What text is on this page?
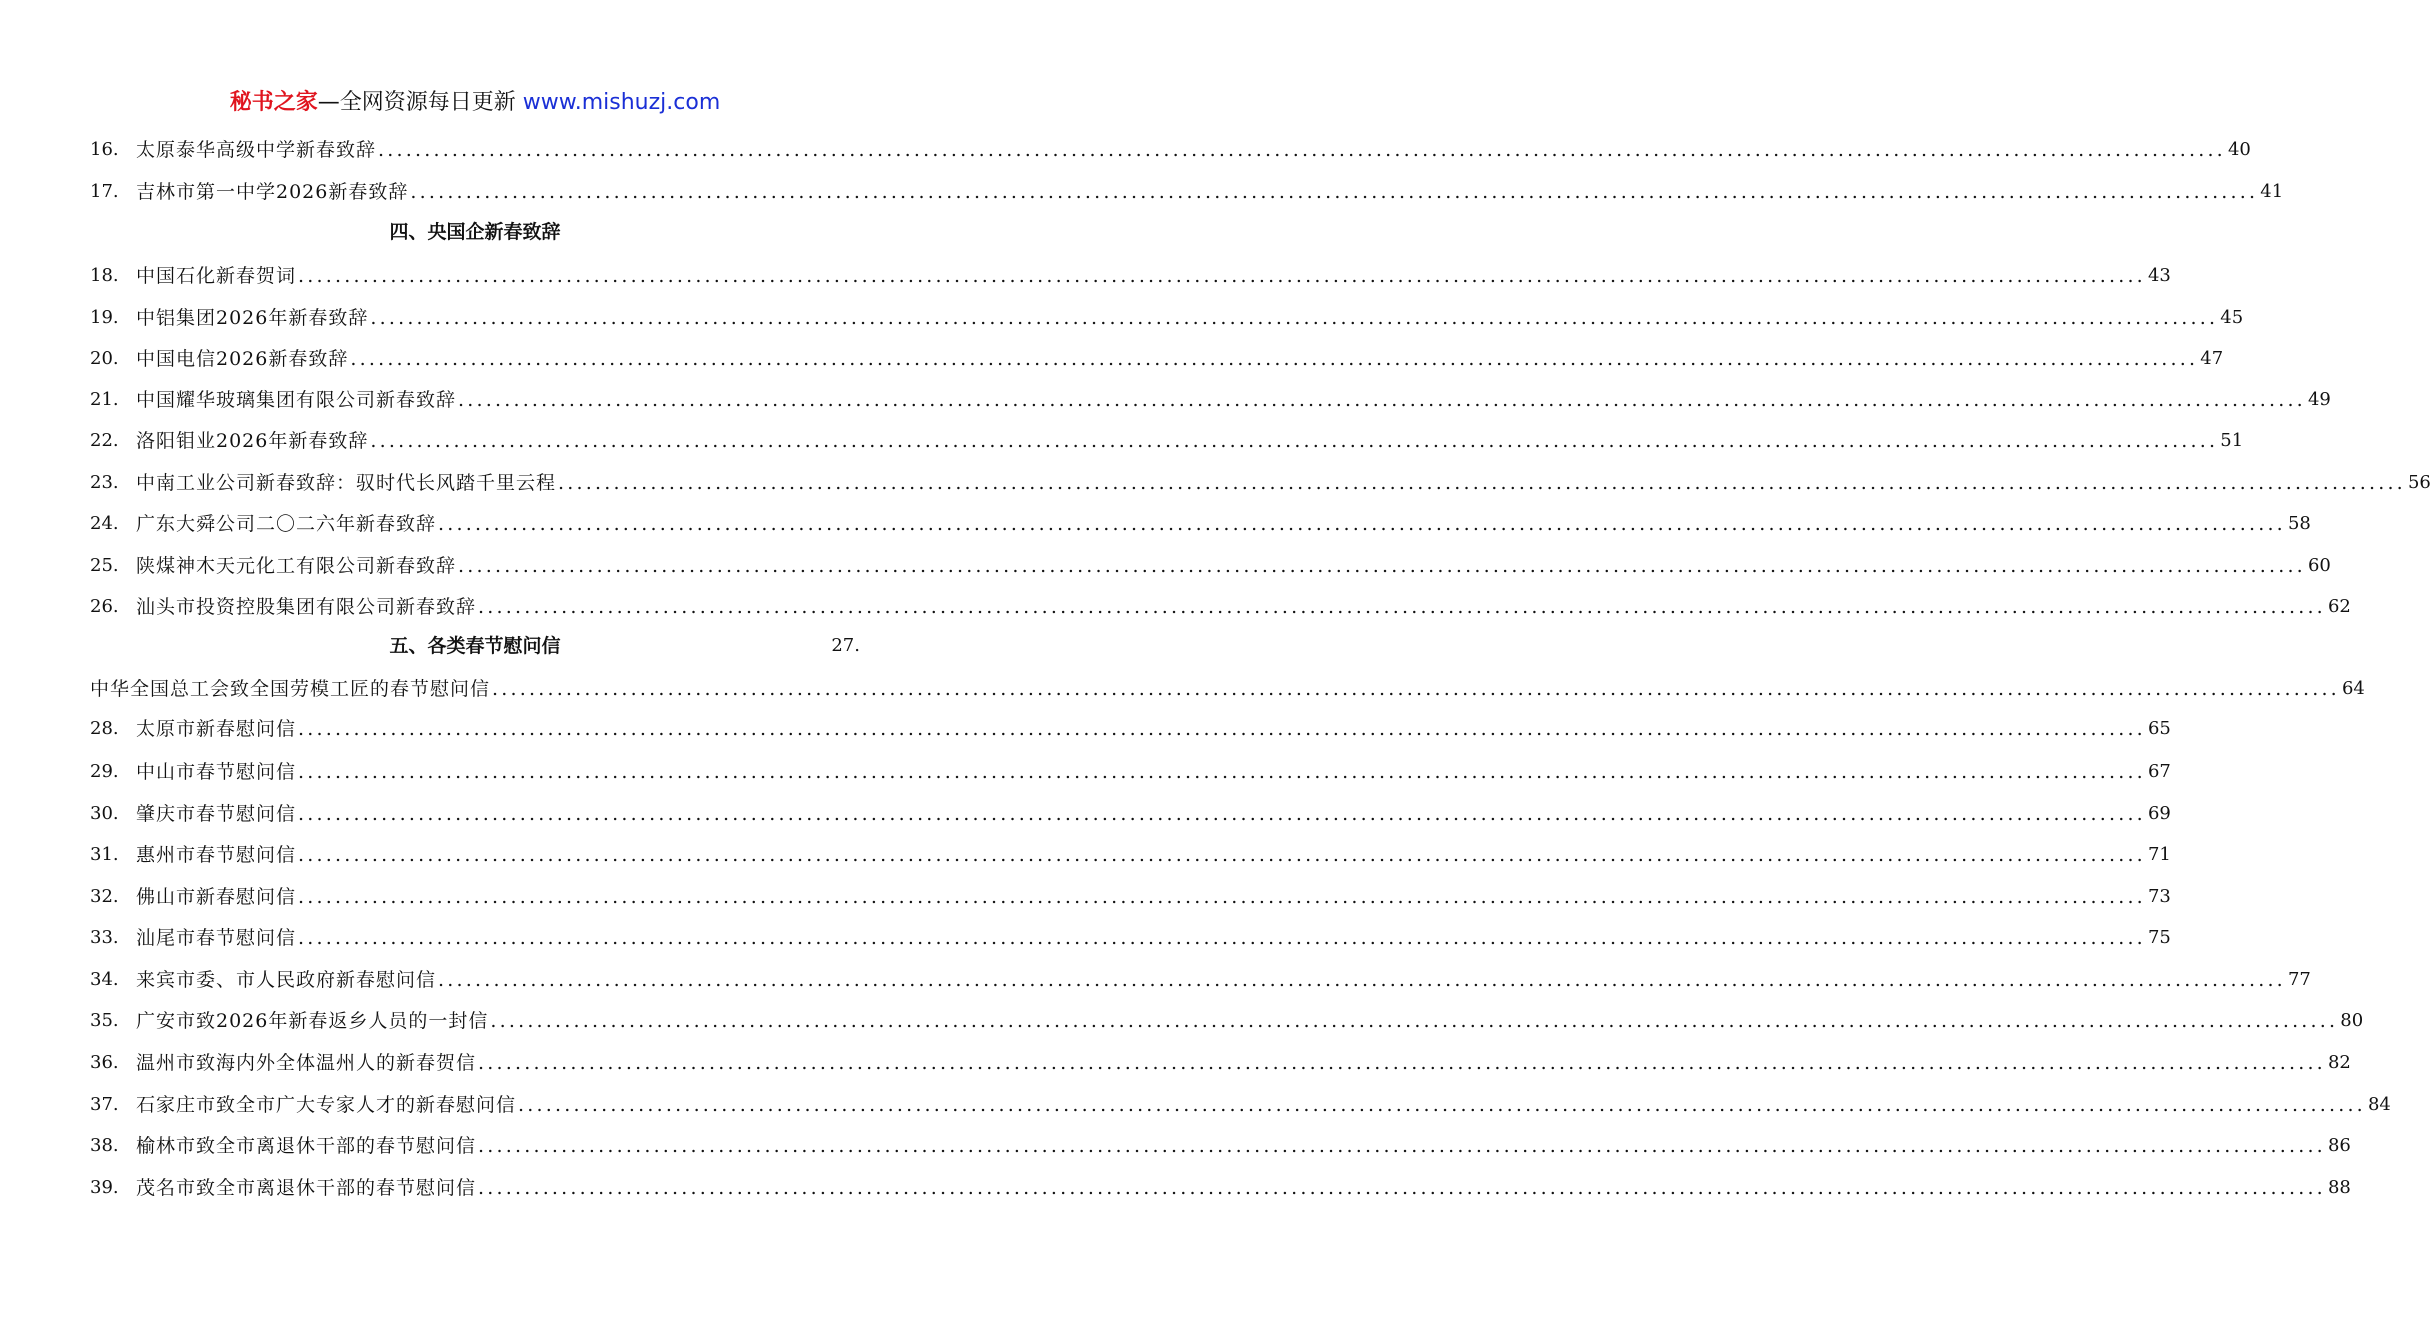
秘书之家—全网资源每日更新 www.mishuzj.com
16. 太原泰华高级中学新春致辞 ........................................................................................................................................................................................................ 40
17. 吉林市第一中学2026新春致辞 ........................................................................................................................................................................................................ 41
四、央国企新春致辞
18. 中国石化新春贺词 ........................................................................................................................................................................................................ 43
19. 中铝集团2026年新春致辞 ........................................................................................................................................................................................................ 45
20. 中国电信2026新春致辞 ........................................................................................................................................................................................................ 47
21. 中国耀华玻璃集团有限公司新春致辞 ........................................................................................................................................................................................................ 49
22. 洛阳钼业2026年新春致辞 ........................................................................................................................................................................................................ 51
23. 中南工业公司新春致辞：驭时代长风踏千里云程 ........................................................................................................................................................................................................ 56
24. 广东大舜公司二〇二六年新春致辞 ........................................................................................................................................................................................................ 58
25. 陕煤神木天元化工有限公司新春致辞 ........................................................................................................................................................................................................ 60
26. 汕头市投资控股集团有限公司新春致辞 ........................................................................................................................................................................................................ 62
五、各类春节慰问信	27.
中华全国总工会致全国劳模工匠的春节慰问信 ........................................................................................................................................................................................................ 64
28. 太原市新春慰问信 ........................................................................................................................................................................................................ 65
29. 中山市春节慰问信 ........................................................................................................................................................................................................ 67
30. 肇庆市春节慰问信 ........................................................................................................................................................................................................ 69
31. 惠州市春节慰问信 ........................................................................................................................................................................................................ 71
32. 佛山市新春慰问信 ........................................................................................................................................................................................................ 73
33. 汕尾市春节慰问信 ........................................................................................................................................................................................................ 75
34. 来宾市委、市人民政府新春慰问信 ........................................................................................................................................................................................................ 77
35. 广安市致2026年新春返乡人员的一封信 ........................................................................................................................................................................................................ 80
36. 温州市致海内外全体温州人的新春贺信 ........................................................................................................................................................................................................ 82
37. 石家庄市致全市广大专家人才的新春慰问信 ........................................................................................................................................................................................................ 84
38. 榆林市致全市离退休干部的春节慰问信 ........................................................................................................................................................................................................ 86
39. 茂名市致全市离退休干部的春节慰问信 ........................................................................................................................................................................................................ 88
